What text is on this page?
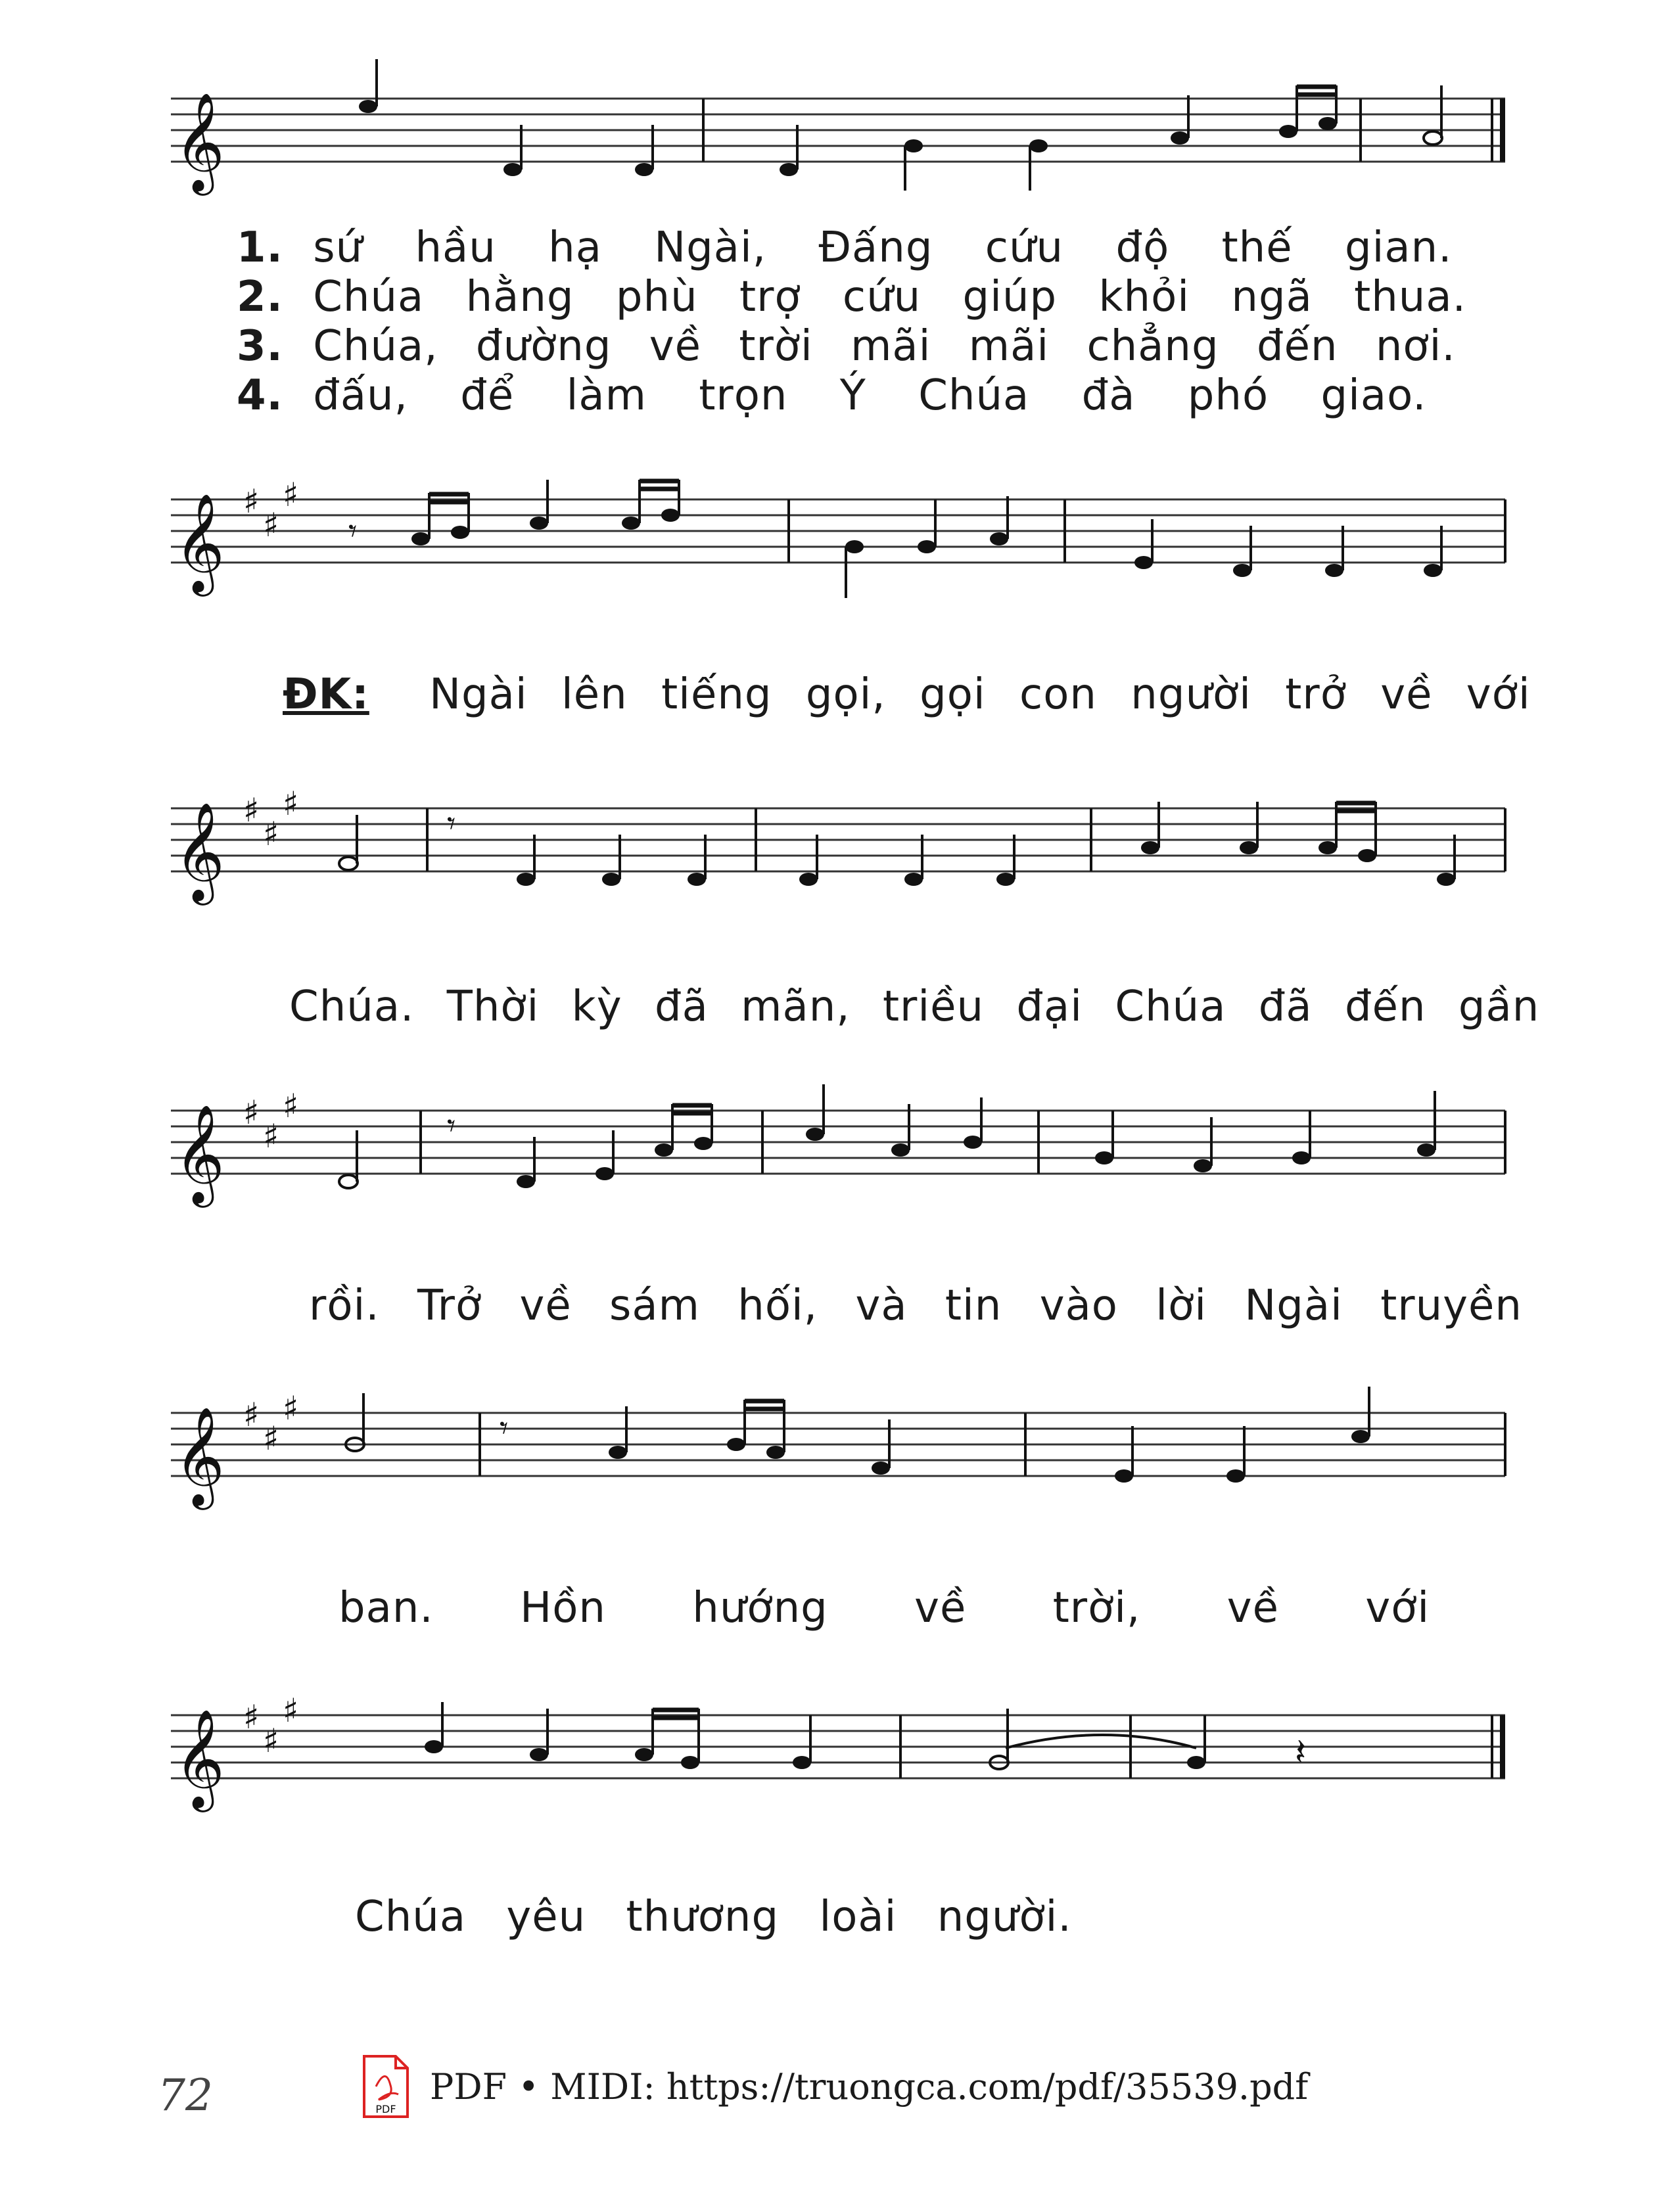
𝄞
1. sứ hầu hạ Ngài, Đấng cứu độ thế gian.
2. Chúa hằng phù trợ cứu giúp khỏi ngã thua.
3. Chúa, đường về trời mãi mãi chẳng đến nơi.
4. đấu, để làm trọn Ý Chúa đà phó giao.
𝄞 ♯
♯
♯
𝄾
ĐK: Ngài lên tiếng gọi, gọi con người trở về với
𝄞 ♯
♯
♯
𝄾
Chúa. Thời kỳ đã mãn, triều đại Chúa đã đến gần
𝄞 ♯
♯
♯
𝄾
rồi. Trở về sám hối, và tin vào lời Ngài truyền
𝄞 ♯
♯
♯
𝄾
ban. Hồn hướng về trời, về với
𝄞 ♯
♯
♯
𝄽
Chúa yêu thương loài người.
72	PDF
PDF • MIDI: https://truongca.com/pdf/35539.pdf
